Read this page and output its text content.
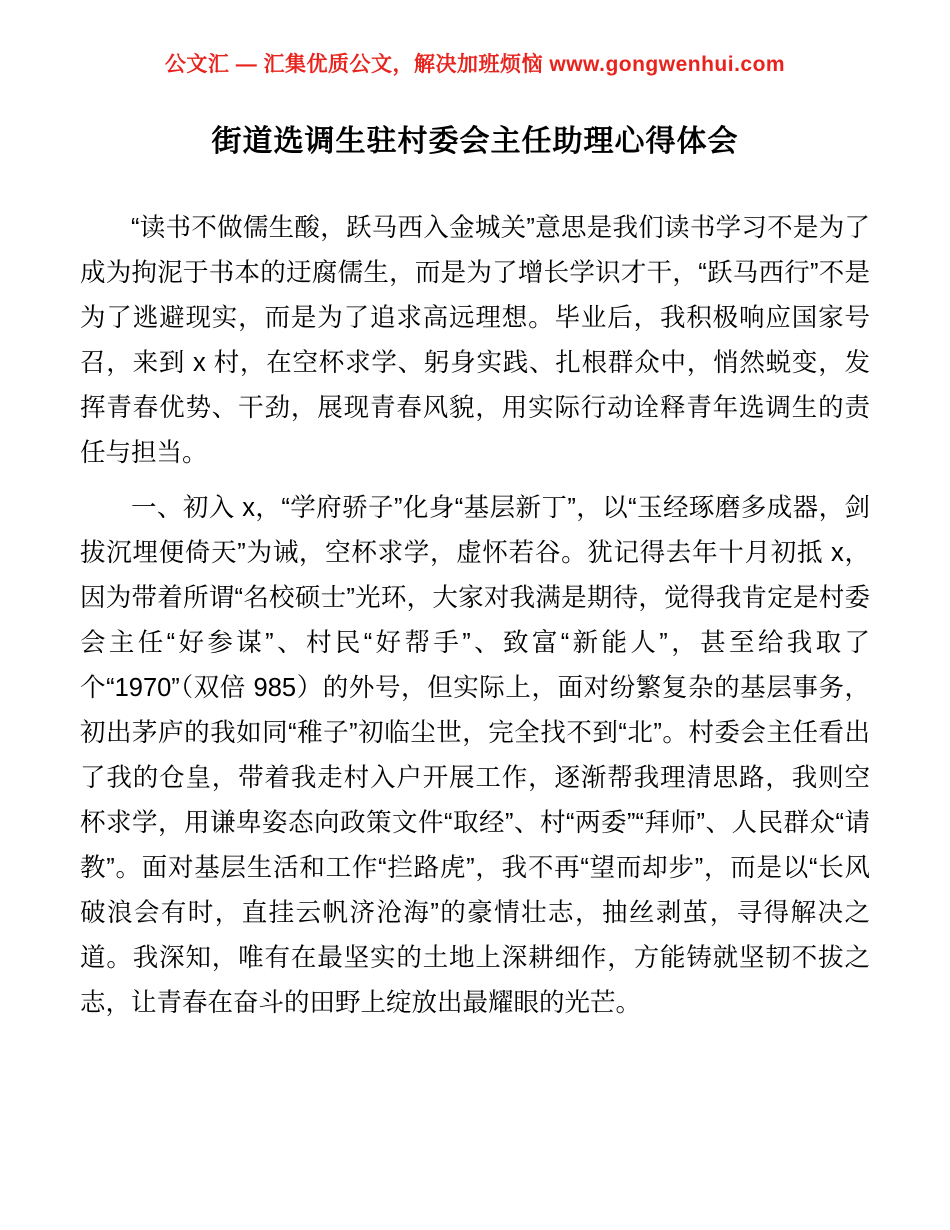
公文汇 — 汇集优质公文，解决加班烦恼 www.gongwenhui.com
街道选调生驻村委会主任助理心得体会

“读书不做儒生酸，跃马西入金城关”意思是我们读书学习不是为了成为拘泥于书本的迂腐儒生，而是为了增长学识才干，“跃马西行”不是为了逃避现实，而是为了追求高远理想。毕业后，我积极响应国家号召，来到 x 村，在空杯求学、躬身实践、扎根群众中，悄然蜕变，发挥青春优势、干劲，展现青春风貌，用实际行动诠释青年选调生的责任与担当。

一、初入 x，“学府骄子”化身“基层新丁”，以“玉经琢磨多成器，剑拔沉埋便倚天”为诫，空杯求学，虚怀若谷。犹记得去年十月初抵 x，因为带着所谓“名校硕士”光环，大家对我满是期待，觉得我肯定是村委会主任“好参谋”、村民“好帮手”、致富“新能人”，甚至给我取了个“1970”（双倍 985）的外号，但实际上，面对纷繁复杂的基层事务，初出茅庐的我如同“稚子”初临尘世，完全找不到“北”。村委会主任看出了我的仓皇，带着我走村入户开展工作，逐渐帮我理清思路，我则空杯求学，用谦卑姿态向政策文件“取经”、村“两委”“拜师”、人民群众“请教”。面对基层生活和工作“拦路虎”，我不再“望而却步”，而是以“长风破浪会有时，直挂云帆济沧海”的豪情壮志，抽丝剥茧，寻得解决之道。我深知，唯有在最坚实的土地上深耕细作，方能铸就坚韧不拔之志，让青春在奋斗的田野上绽放出最耀眼的光芒。
